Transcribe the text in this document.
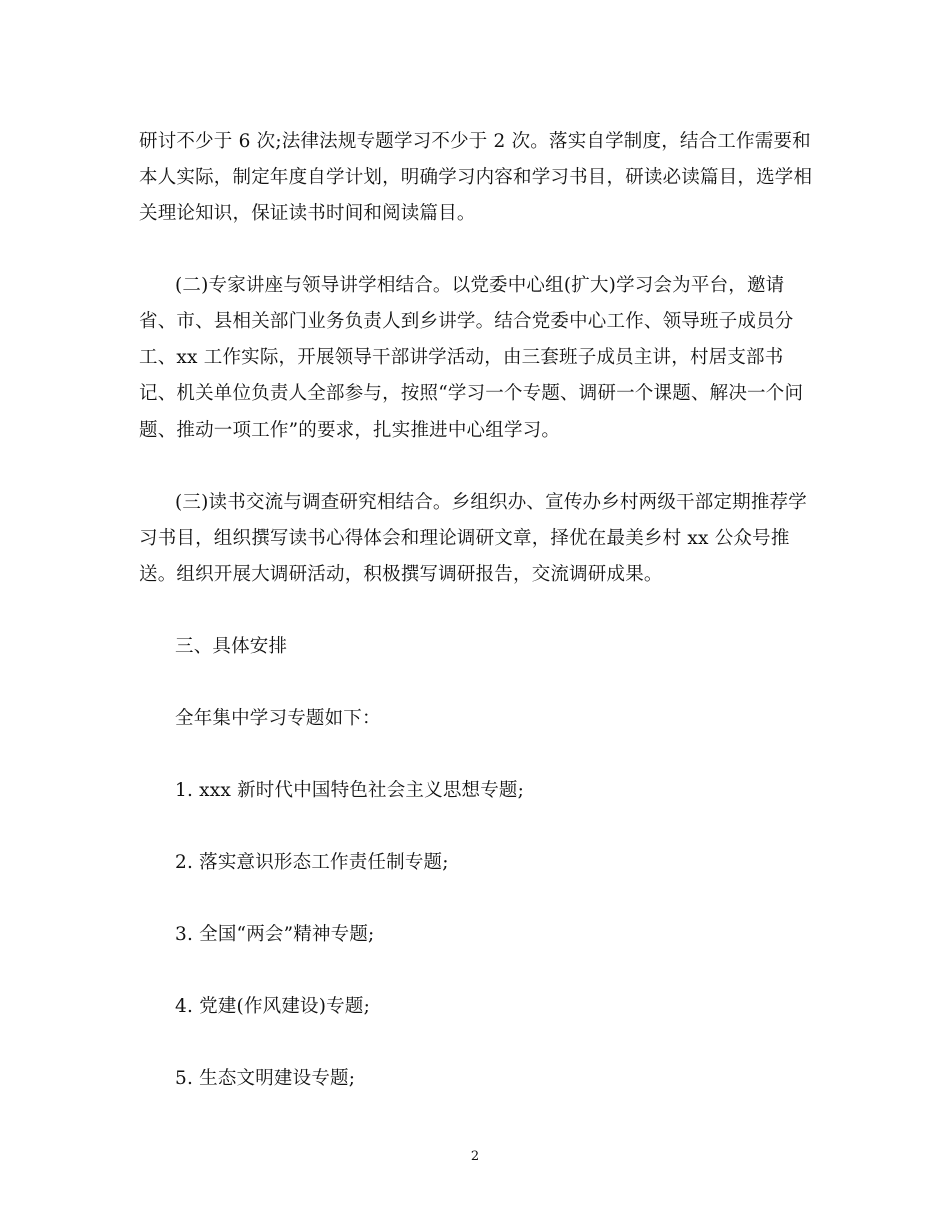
研讨不少于 6 次;法律法规专题学习不少于 2 次。落实自学制度，结合工作需要和
本人实际，制定年度自学计划，明确学习内容和学习书目，研读必读篇目，选学相
关理论知识，保证读书时间和阅读篇目。
(二)专家讲座与领导讲学相结合。以党委中心组(扩大)学习会为平台，邀请
省、市、县相关部门业务负责人到乡讲学。结合党委中心工作、领导班子成员分
工、xx 工作实际，开展领导干部讲学活动，由三套班子成员主讲，村居支部书
记、机关单位负责人全部参与，按照“学习一个专题、调研一个课题、解决一个问
题、推动一项工作”的要求，扎实推进中心组学习。
(三)读书交流与调查研究相结合。乡组织办、宣传办乡村两级干部定期推荐学
习书目，组织撰写读书心得体会和理论调研文章，择优在最美乡村 xx 公众号推
送。组织开展大调研活动，积极撰写调研报告，交流调研成果。
三、具体安排
全年集中学习专题如下：
1. xxx 新时代中国特色社会主义思想专题;
2. 落实意识形态工作责任制专题;
3. 全国“两会”精神专题;
4. 党建(作风建设)专题;
5. 生态文明建设专题;
2
